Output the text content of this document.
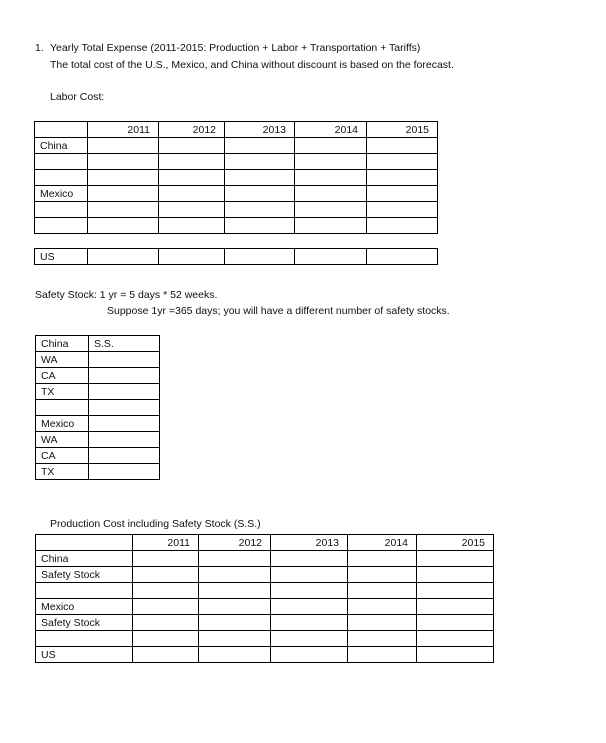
1. Yearly Total Expense (2011-2015: Production + Labor + Transportation + Tariffs)
The total cost of the U.S., Mexico, and China without discount is based on the forecast.
Labor Cost:
	2011	2012	2013	2014	2015
China					

Mexico					

US					
Safety Stock: 1 yr = 5 days * 52 weeks.
Suppose 1yr =365 days; you will have a different number of safety stocks.
China	S.S.
WA	
CA	
TX	

Mexico	
WA	
CA	
TX	
Production Cost including Safety Stock (S.S.)
	2011	2012	2013	2014	2015
China					
Safety Stock					

Mexico					
Safety Stock					

US					
